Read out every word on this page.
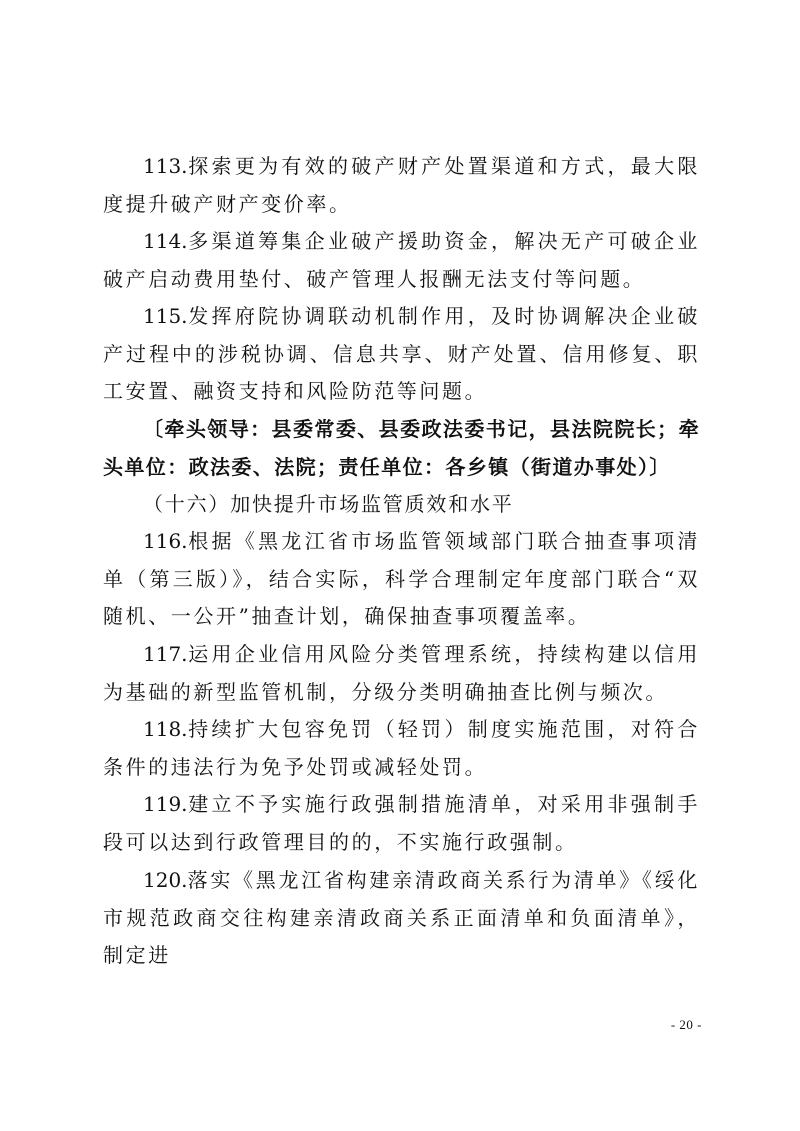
113.探索更为有效的破产财产处置渠道和方式，最大限度提升破产财产变价率。

114.多渠道筹集企业破产援助资金，解决无产可破企业破产启动费用垫付、破产管理人报酬无法支付等问题。

115.发挥府院协调联动机制作用，及时协调解决企业破产过程中的涉税协调、信息共享、财产处置、信用修复、职工安置、融资支持和风险防范等问题。

〔牵头领导：县委常委、县委政法委书记，县法院院长；牵头单位：政法委、法院；责任单位：各乡镇（街道办事处）〕

（十六）加快提升市场监管质效和水平

116.根据《黑龙江省市场监管领域部门联合抽查事项清单（第三版）》，结合实际，科学合理制定年度部门联合“双随机、一公开”抽查计划，确保抽查事项覆盖率。

117.运用企业信用风险分类管理系统，持续构建以信用为基础的新型监管机制，分级分类明确抽查比例与频次。

118.持续扩大包容免罚（轻罚）制度实施范围，对符合条件的违法行为免予处罚或减轻处罚。

119.建立不予实施行政强制措施清单，对采用非强制手段可以达到行政管理目的的，不实施行政强制。

120.落实《黑龙江省构建亲清政商关系行为清单》《绥化市规范政商交往构建亲清政商关系正面清单和负面清单》，制定进

- 20 -
